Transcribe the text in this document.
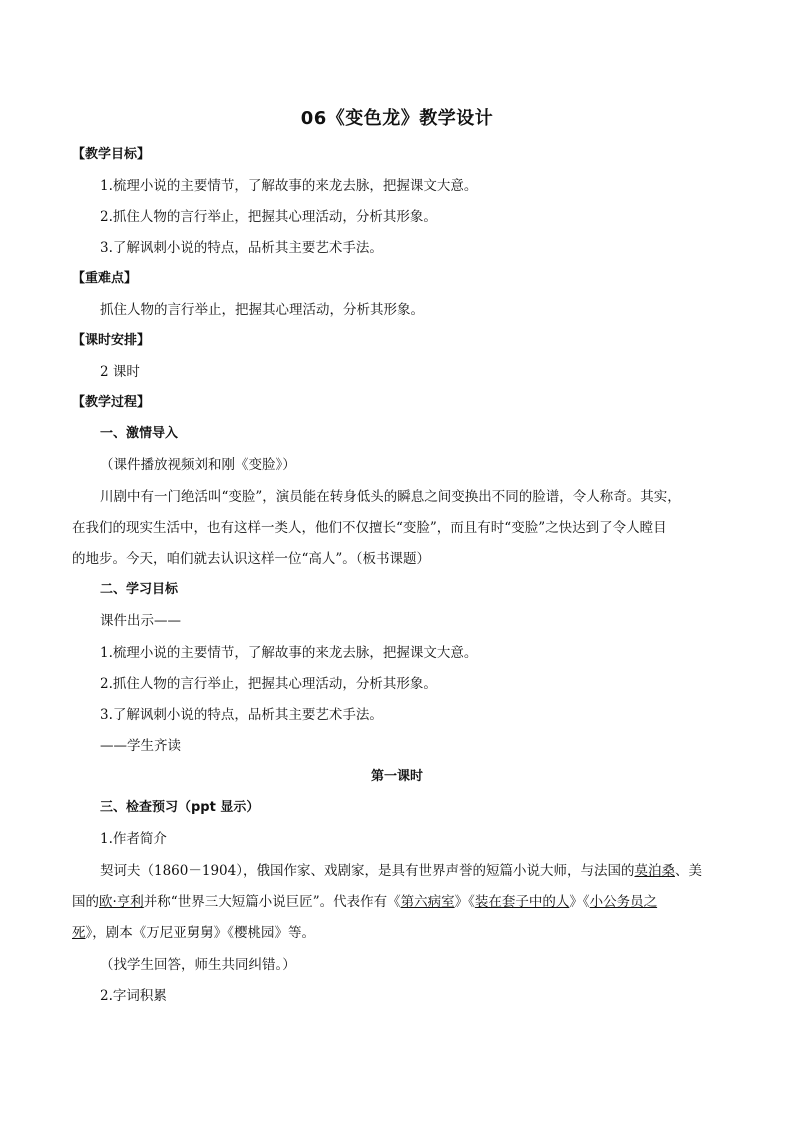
06《变色龙》教学设计
【教学目标】
1.梳理小说的主要情节，了解故事的来龙去脉，把握课文大意。
2.抓住人物的言行举止，把握其心理活动，分析其形象。
3.了解讽刺小说的特点，品析其主要艺术手法。
【重难点】
抓住人物的言行举止，把握其心理活动，分析其形象。
【课时安排】
2 课时
【教学过程】
一、激情导入
（课件播放视频刘和刚《变脸》）
川剧中有一门绝活叫“变脸”，演员能在转身低头的瞬息之间变换出不同的脸谱，令人称奇。其实，
在我们的现实生活中，也有这样一类人，他们不仅擅长“变脸”，而且有时“变脸”之快达到了令人瞠目
的地步。今天，咱们就去认识这样一位“高人”。（板书课题）
二、学习目标
课件出示——
1.梳理小说的主要情节，了解故事的来龙去脉，把握课文大意。
2.抓住人物的言行举止，把握其心理活动，分析其形象。
3.了解讽刺小说的特点，品析其主要艺术手法。
——学生齐读
第一课时
三、检查预习（ppt 显示）
1.作者简介
契诃夫（1860－1904），俄国作家、戏剧家，是具有世界声誉的短篇小说大师，与法国的莫泊桑、美
国的欧·亨利并称“世界三大短篇小说巨匠”。代表作有《第六病室》《装在套子中的人》《小公务员之
死》，剧本《万尼亚舅舅》《樱桃园》等。
（找学生回答，师生共同纠错。）
2.字词积累
